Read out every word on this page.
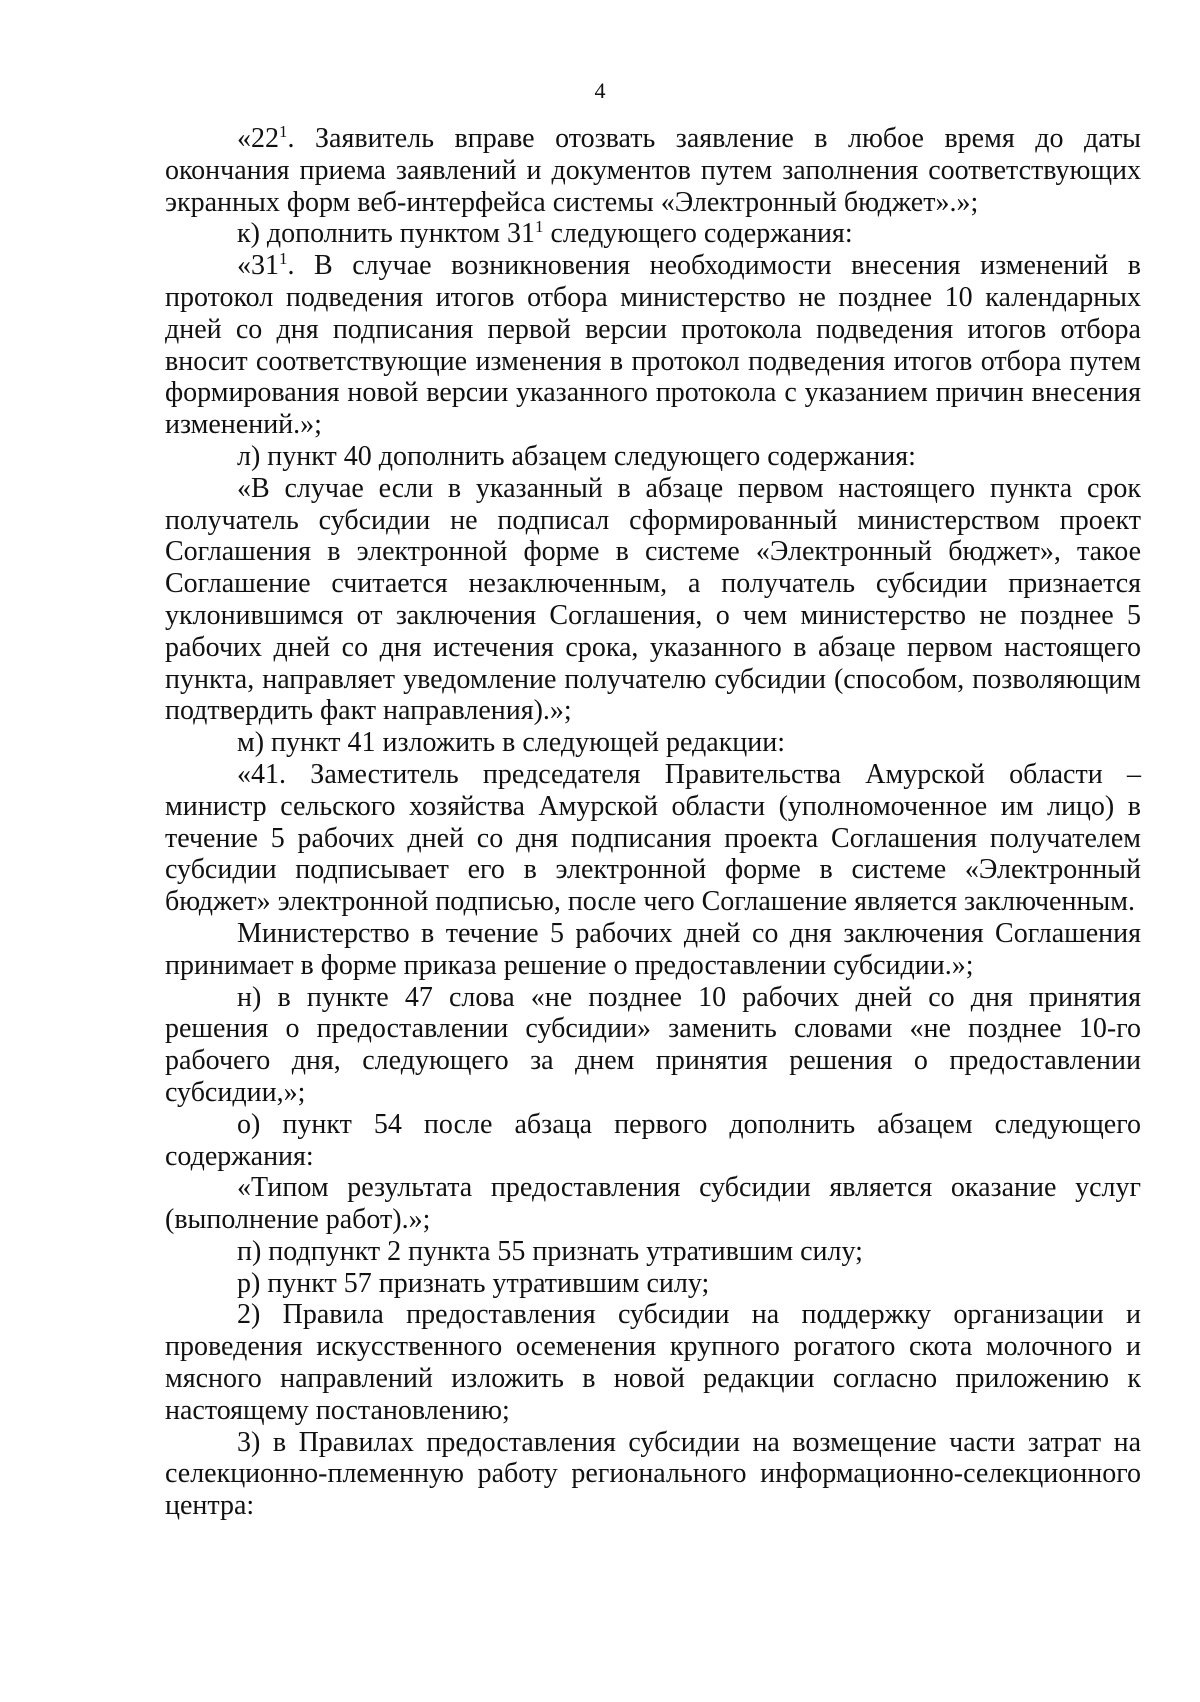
4

«$22^1$. Заявитель вправе отозвать заявление в любое время до даты окончания приема заявлений и документов путем заполнения соответствующих экранных форм веб-интерфейса системы «Электронный бюджет».»;

к) дополнить пунктом $31^1$ следующего содержания:

«$31^1$. В случае возникновения необходимости внесения изменений в протокол подведения итогов отбора министерство не позднее 10 календарных дней со дня подписания первой версии протокола подведения итогов отбора вносит соответствующие изменения в протокол подведения итогов отбора путем формирования новой версии указанного протокола с указанием причин внесения изменений.»;

л) пункт 40 дополнить абзацем следующего содержания:

«В случае если в указанный в абзаце первом настоящего пункта срок получатель субсидии не подписал сформированный министерством проект Соглашения в электронной форме в системе «Электронный бюджет», такое Соглашение считается незаключенным, а получатель субсидии признается уклонившимся от заключения Соглашения, о чем министерство не позднее 5 рабочих дней со дня истечения срока, указанного в абзаце первом настоящего пункта, направляет уведомление получателю субсидии (способом, позволяющим подтвердить факт направления).»;

м) пункт 41 изложить в следующей редакции:

«41. Заместитель председателя Правительства Амурской области – министр сельского хозяйства Амурской области (уполномоченное им лицо) в течение 5 рабочих дней со дня подписания проекта Соглашения получателем субсидии подписывает его в электронной форме в системе «Электронный бюджет» электронной подписью, после чего Соглашение является заключенным.

Министерство в течение 5 рабочих дней со дня заключения Соглашения принимает в форме приказа решение о предоставлении субсидии.»;

н) в пункте 47 слова «не позднее 10 рабочих дней со дня принятия решения о предоставлении субсидии» заменить словами «не позднее 10-го рабочего дня, следующего за днем принятия решения о предоставлении субсидии,»;

о) пункт 54 после абзаца первого дополнить абзацем следующего содержания:

«Типом результата предоставления субсидии является оказание услуг (выполнение работ).»;

п) подпункт 2 пункта 55 признать утратившим силу;

р) пункт 57 признать утратившим силу;

2) Правила предоставления субсидии на поддержку организации и проведения искусственного осеменения крупного рогатого скота молочного и мясного направлений изложить в новой редакции согласно приложению к настоящему постановлению;

3) в Правилах предоставления субсидии на возмещение части затрат на селекционно-племенную работу регионального информационно-селекционного центра:
